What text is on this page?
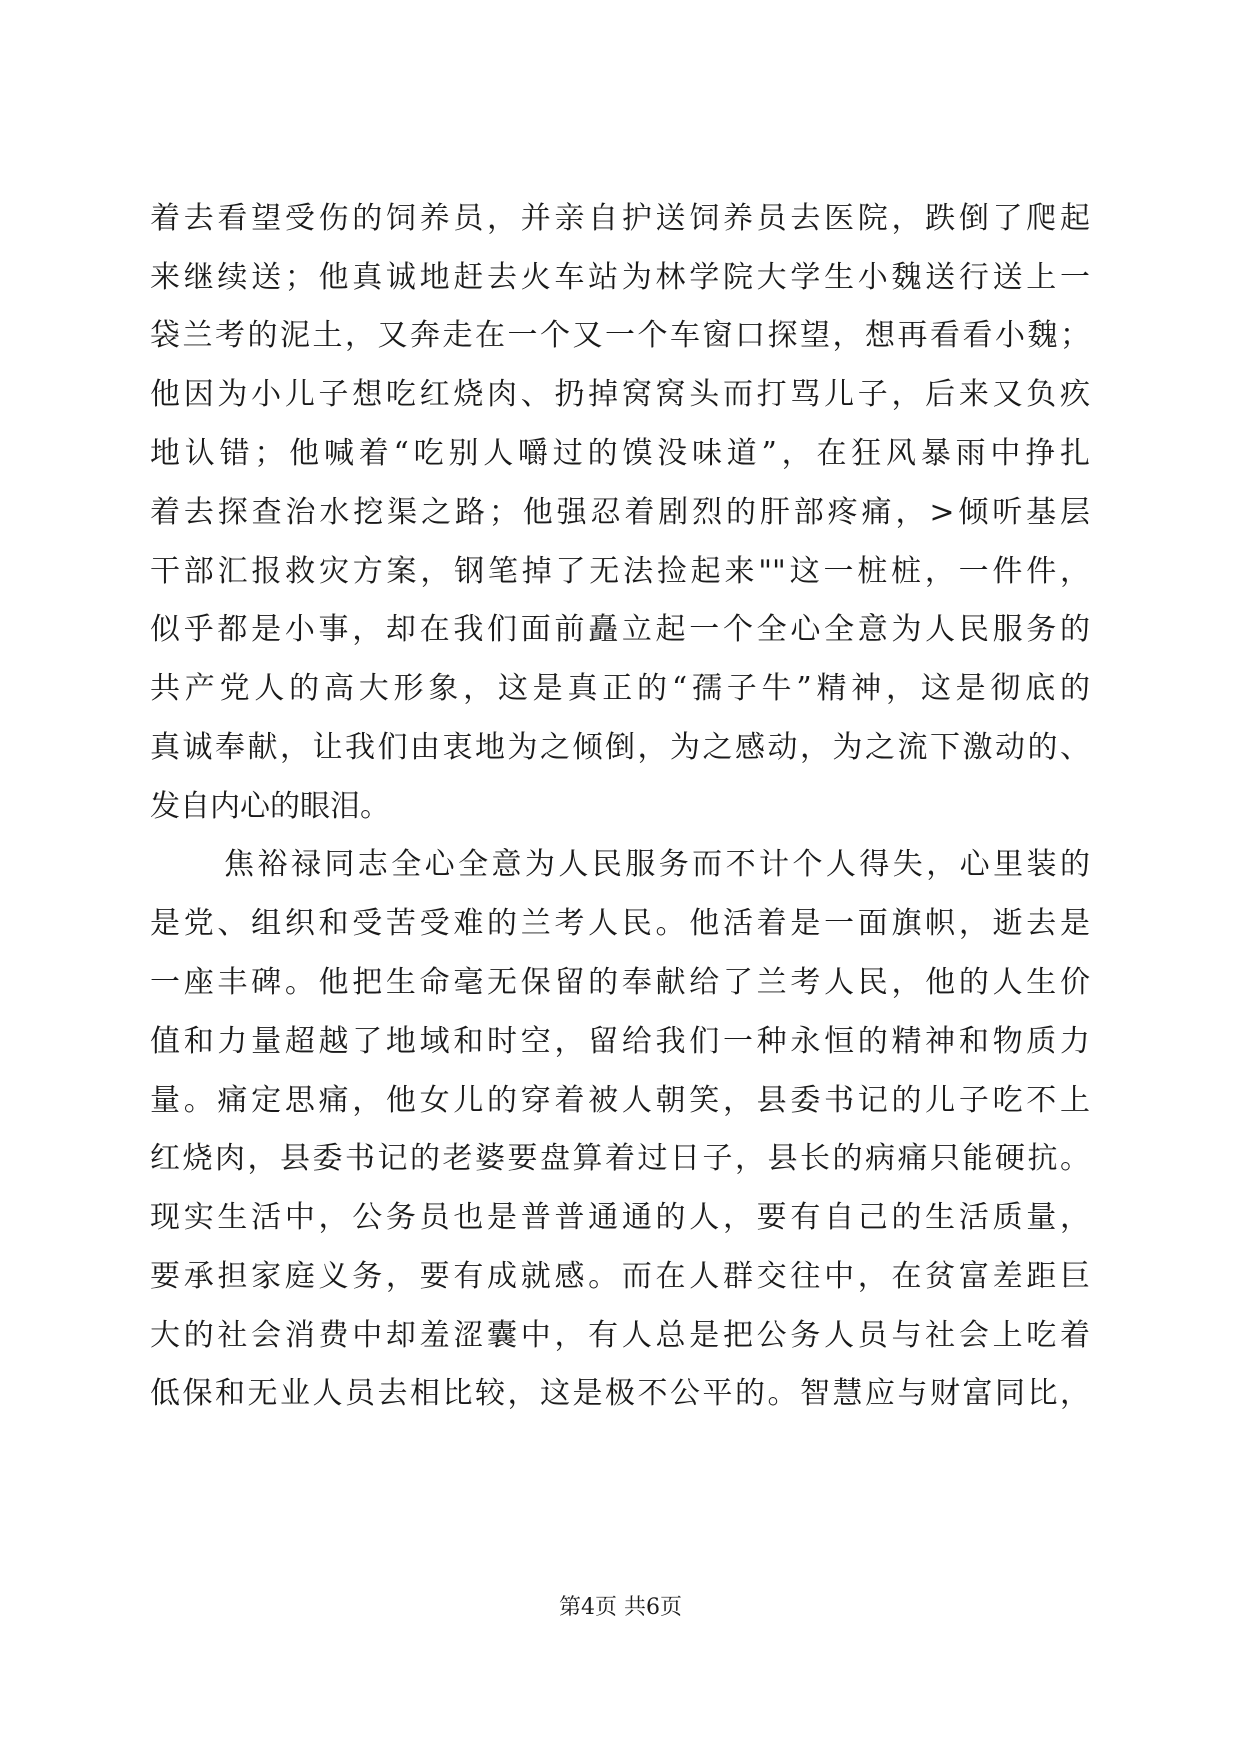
着去看望受伤的饲养员，并亲自护送饲养员去医院，跌倒了爬起
来继续送；他真诚地赶去火车站为林学院大学生小魏送行送上一
袋兰考的泥土，又奔走在一个又一个车窗口探望，想再看看小魏；
他因为小儿子想吃红烧肉、扔掉窝窝头而打骂儿子，后来又负疚
地认错；他喊着“吃别人嚼过的馍没味道”，在狂风暴雨中挣扎
着去探查治水挖渠之路；他强忍着剧烈的肝部疼痛，>倾听基层
干部汇报救灾方案，钢笔掉了无法捡起来""这一桩桩，一件件，
似乎都是小事，却在我们面前矗立起一个全心全意为人民服务的
共产党人的高大形象，这是真正的“孺子牛”精神，这是彻底的
真诚奉献，让我们由衷地为之倾倒，为之感动，为之流下激动的、
发自内心的眼泪。
焦裕禄同志全心全意为人民服务而不计个人得失，心里装的
是党、组织和受苦受难的兰考人民。他活着是一面旗帜，逝去是
一座丰碑。他把生命毫无保留的奉献给了兰考人民，他的人生价
值和力量超越了地域和时空，留给我们一种永恒的精神和物质力
量。痛定思痛，他女儿的穿着被人朝笑，县委书记的儿子吃不上
红烧肉，县委书记的老婆要盘算着过日子，县长的病痛只能硬抗。
现实生活中，公务员也是普普通通的人，要有自己的生活质量，
要承担家庭义务，要有成就感。而在人群交往中，在贫富差距巨
大的社会消费中却羞涩囊中，有人总是把公务人员与社会上吃着
低保和无业人员去相比较，这是极不公平的。智慧应与财富同比，
第4页 共6页
